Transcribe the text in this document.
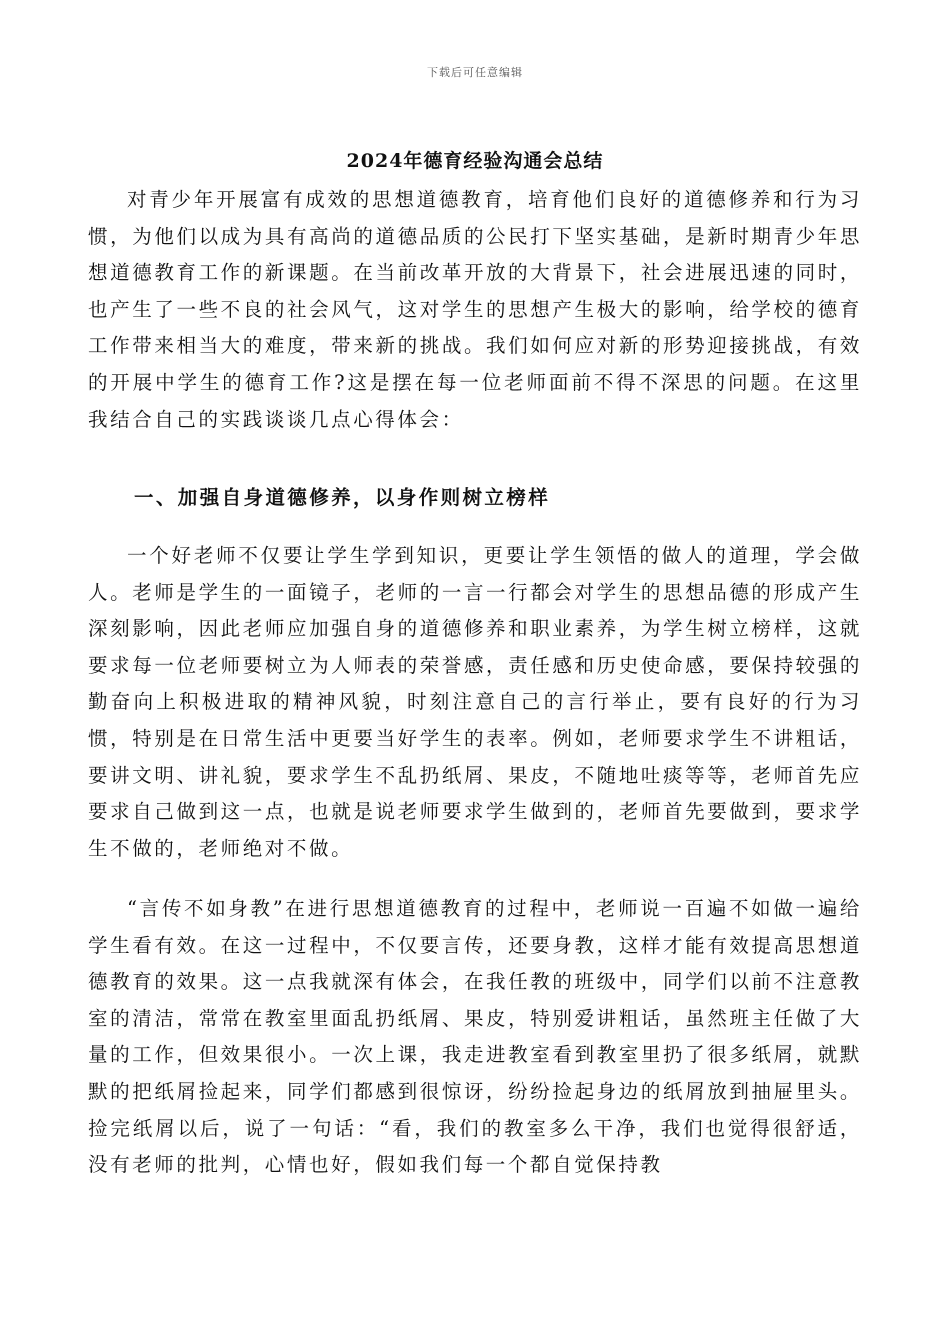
下载后可任意编辑
2024年德育经验沟通会总结

对青少年开展富有成效的思想道德教育，培育他们良好的道德修养和行为习惯，为他们以成为具有高尚的道德品质的公民打下坚实基础，是新时期青少年思想道德教育工作的新课题。在当前改革开放的大背景下，社会进展迅速的同时，也产生了一些不良的社会风气，这对学生的思想产生极大的影响，给学校的德育工作带来相当大的难度，带来新的挑战。我们如何应对新的形势迎接挑战，有效的开展中学生的德育工作?这是摆在每一位老师面前不得不深思的问题。在这里我结合自己的实践谈谈几点心得体会：

一、加强自身道德修养，以身作则树立榜样

一个好老师不仅要让学生学到知识，更要让学生领悟的做人的道理，学会做人。老师是学生的一面镜子，老师的一言一行都会对学生的思想品德的形成产生深刻影响，因此老师应加强自身的道德修养和职业素养，为学生树立榜样，这就要求每一位老师要树立为人师表的荣誉感，责任感和历史使命感，要保持较强的勤奋向上积极进取的精神风貌，时刻注意自己的言行举止，要有良好的行为习惯，特别是在日常生活中更要当好学生的表率。例如，老师要求学生不讲粗话，要讲文明、讲礼貌，要求学生不乱扔纸屑、果皮，不随地吐痰等等，老师首先应要求自己做到这一点，也就是说老师要求学生做到的，老师首先要做到，要求学生不做的，老师绝对不做。

“言传不如身教”在进行思想道德教育的过程中，老师说一百遍不如做一遍给学生看有效。在这一过程中，不仅要言传，还要身教，这样才能有效提高思想道德教育的效果。这一点我就深有体会，在我任教的班级中，同学们以前不注意教室的清洁，常常在教室里面乱扔纸屑、果皮，特别爱讲粗话，虽然班主任做了大量的工作，但效果很小。一次上课，我走进教室看到教室里扔了很多纸屑，就默默的把纸屑捡起来，同学们都感到很惊讶，纷纷捡起身边的纸屑放到抽屉里头。捡完纸屑以后，说了一句话：“看，我们的教室多么干净，我们也觉得很舒适，没有老师的批判，心情也好，假如我们每一个都自觉保持教
